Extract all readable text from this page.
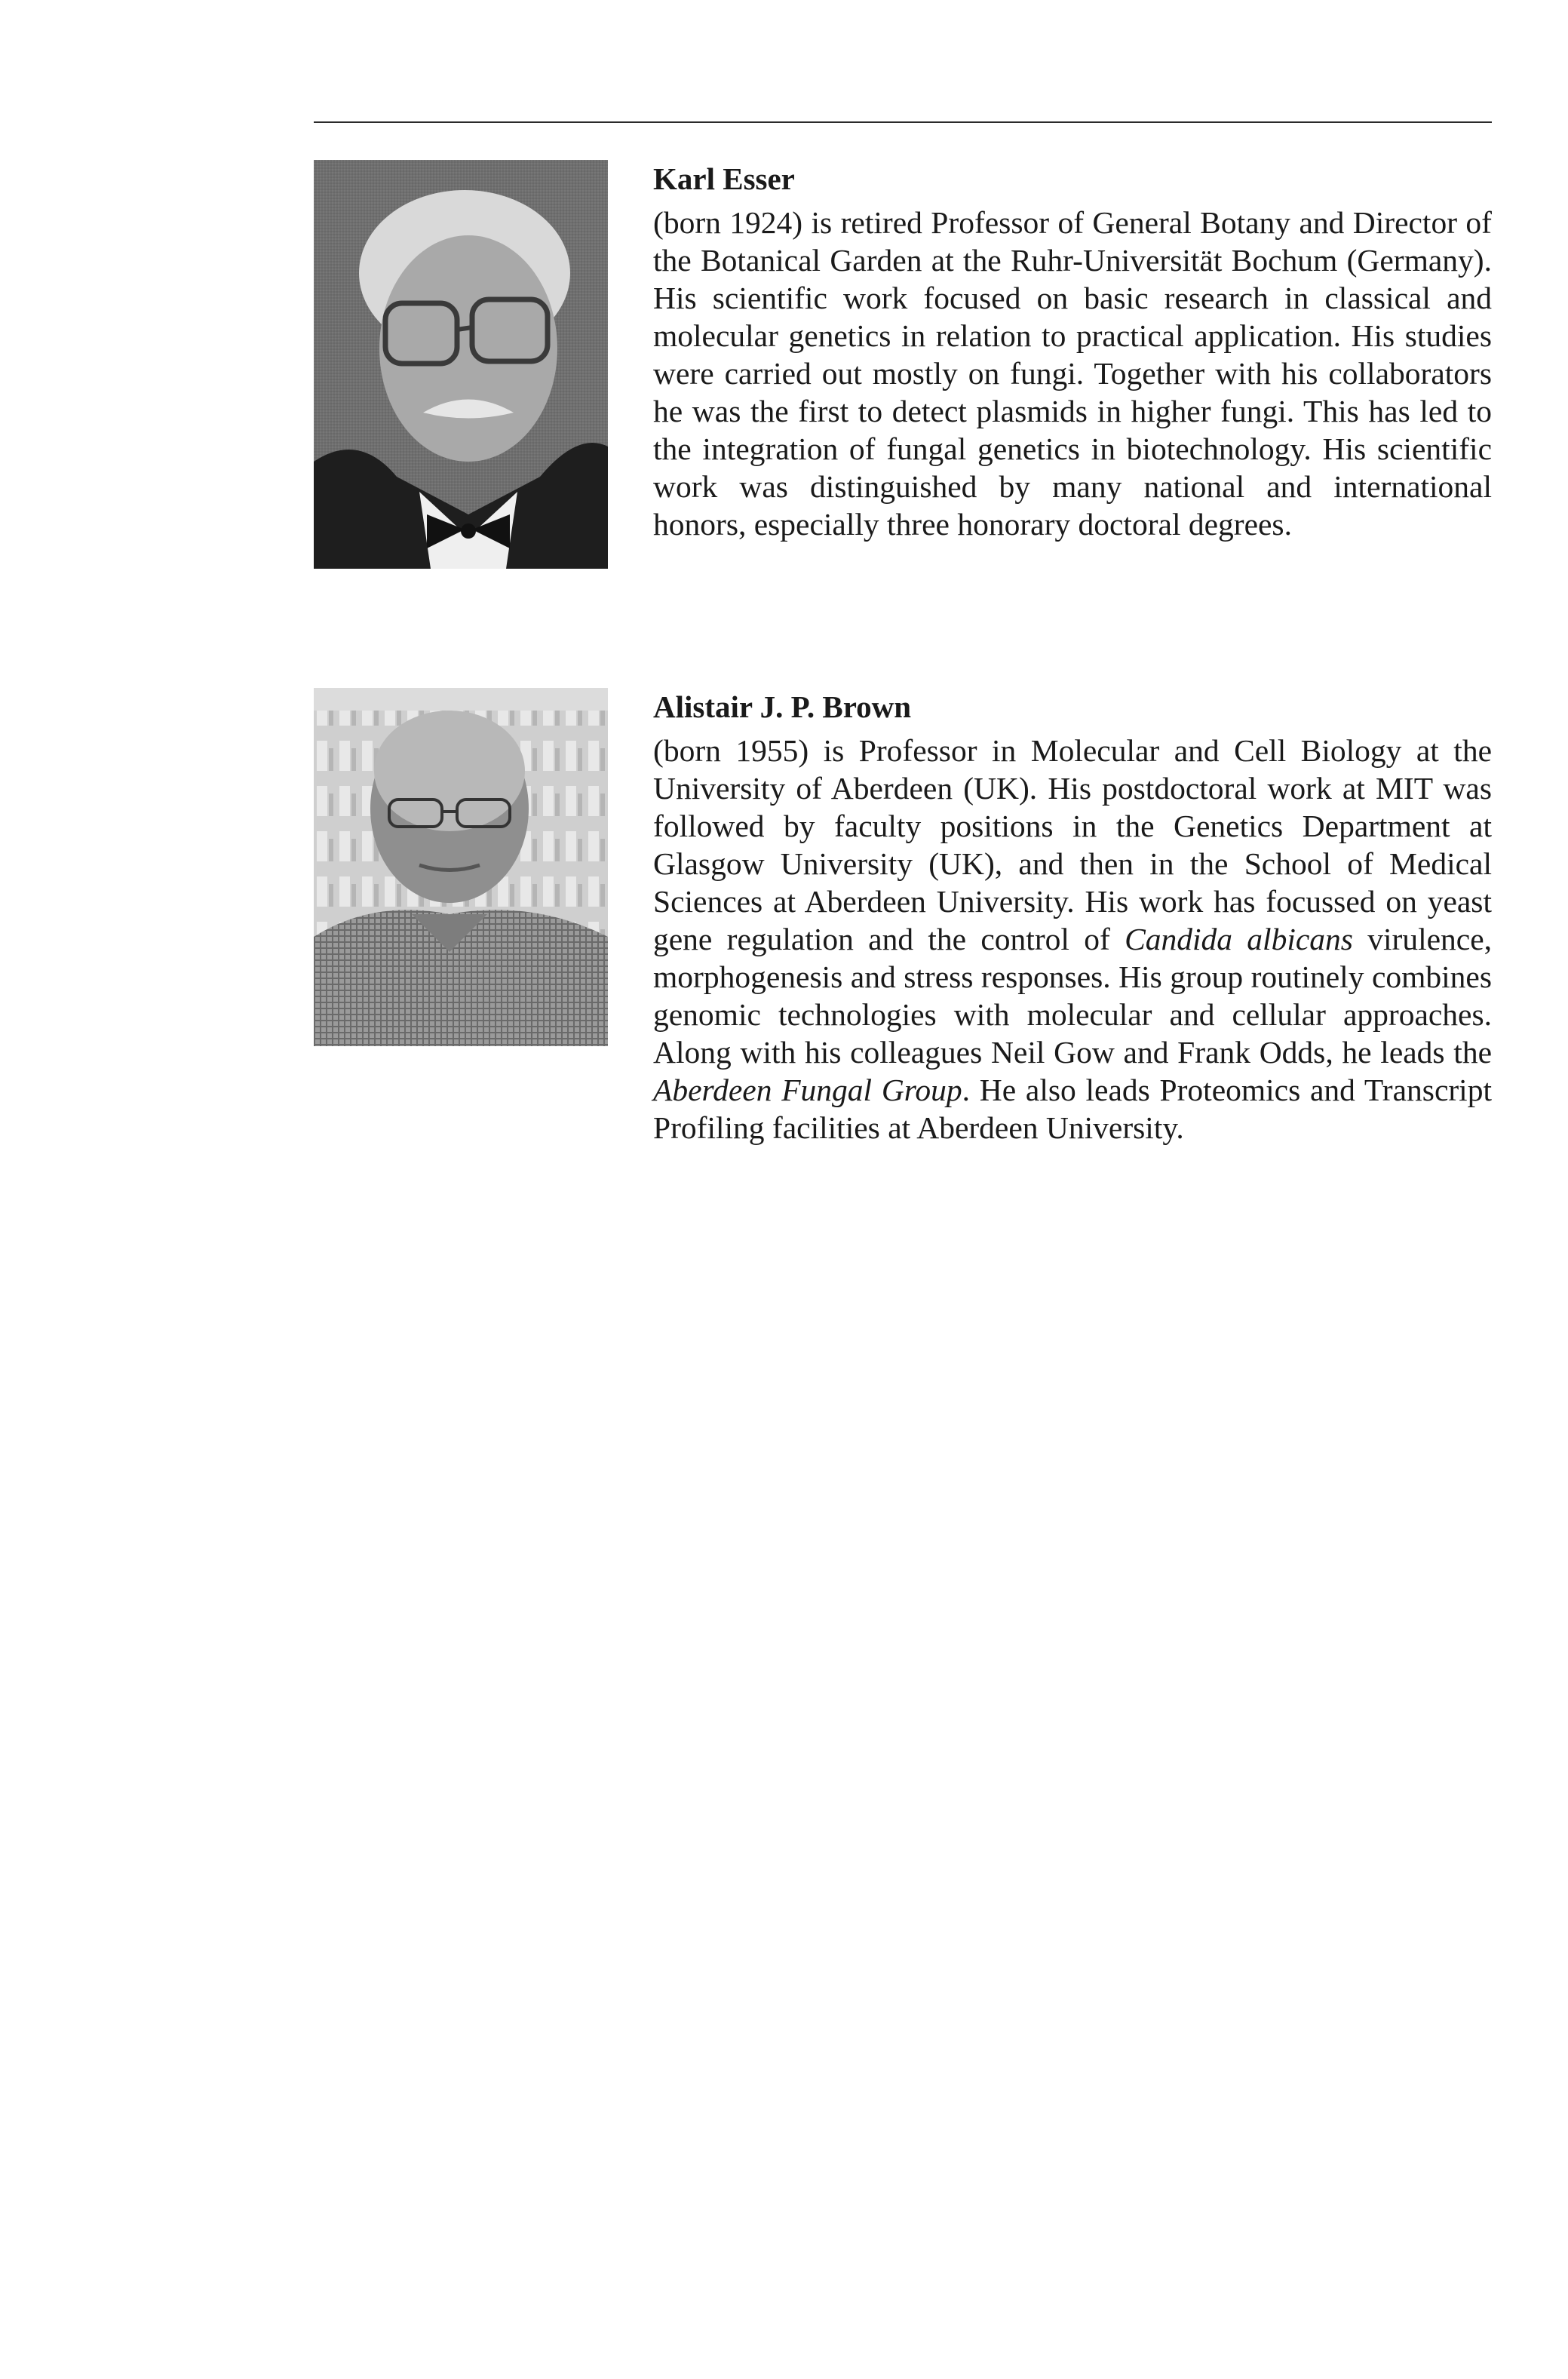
Karl Esser

(born 1924) is retired Professor of General Botany and Director of the Botanical Garden at the Ruhr-Universität Bochum (Germany). His scientific work focused on basic research in classical and molecular genetics in relation to practical application. His studies were carried out mostly on fungi. Together with his collaborators he was the first to detect plasmids in higher fungi. This has led to the integration of fungal genetics in biotechnology. His scientific work was distinguished by many national and international honors, especially three honorary doctoral degrees.

Alistair J. P. Brown

(born 1955) is Professor in Molecular and Cell Biology at the University of Aberdeen (UK). His postdoctoral work at MIT was followed by faculty positions in the Genetics Department at Glasgow University (UK), and then in the School of Medical Sciences at Aberdeen University. His work has focussed on yeast gene regulation and the control of Candida albicans virulence, morphogenesis and stress responses. His group routinely combines genomic technologies with molecular and cellular approaches. Along with his colleagues Neil Gow and Frank Odds, he leads the Aberdeen Fungal Group. He also leads Proteomics and Transcript Profiling facilities at Aberdeen University.
